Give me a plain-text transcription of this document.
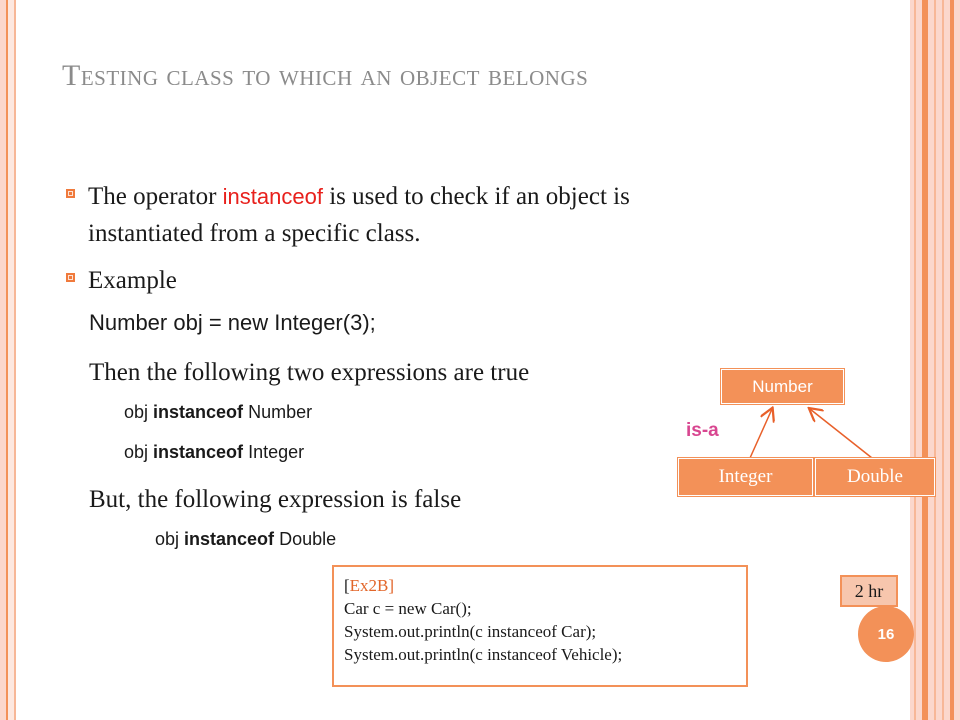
Testing class to which an object belongs
The operator instanceof is used to check if an object is
instantiated from a specific class.
Example
Number obj = new Integer(3);
Then the following two expressions are true
obj instanceof Number
obj instanceof Integer
But, the following expression is false
obj instanceof Double
Number
Integer	Double
is-a
[Ex2B]
Car c = new Car();
System.out.println(c instanceof Car);
System.out.println(c instanceof Vehicle);
2 hr
16
